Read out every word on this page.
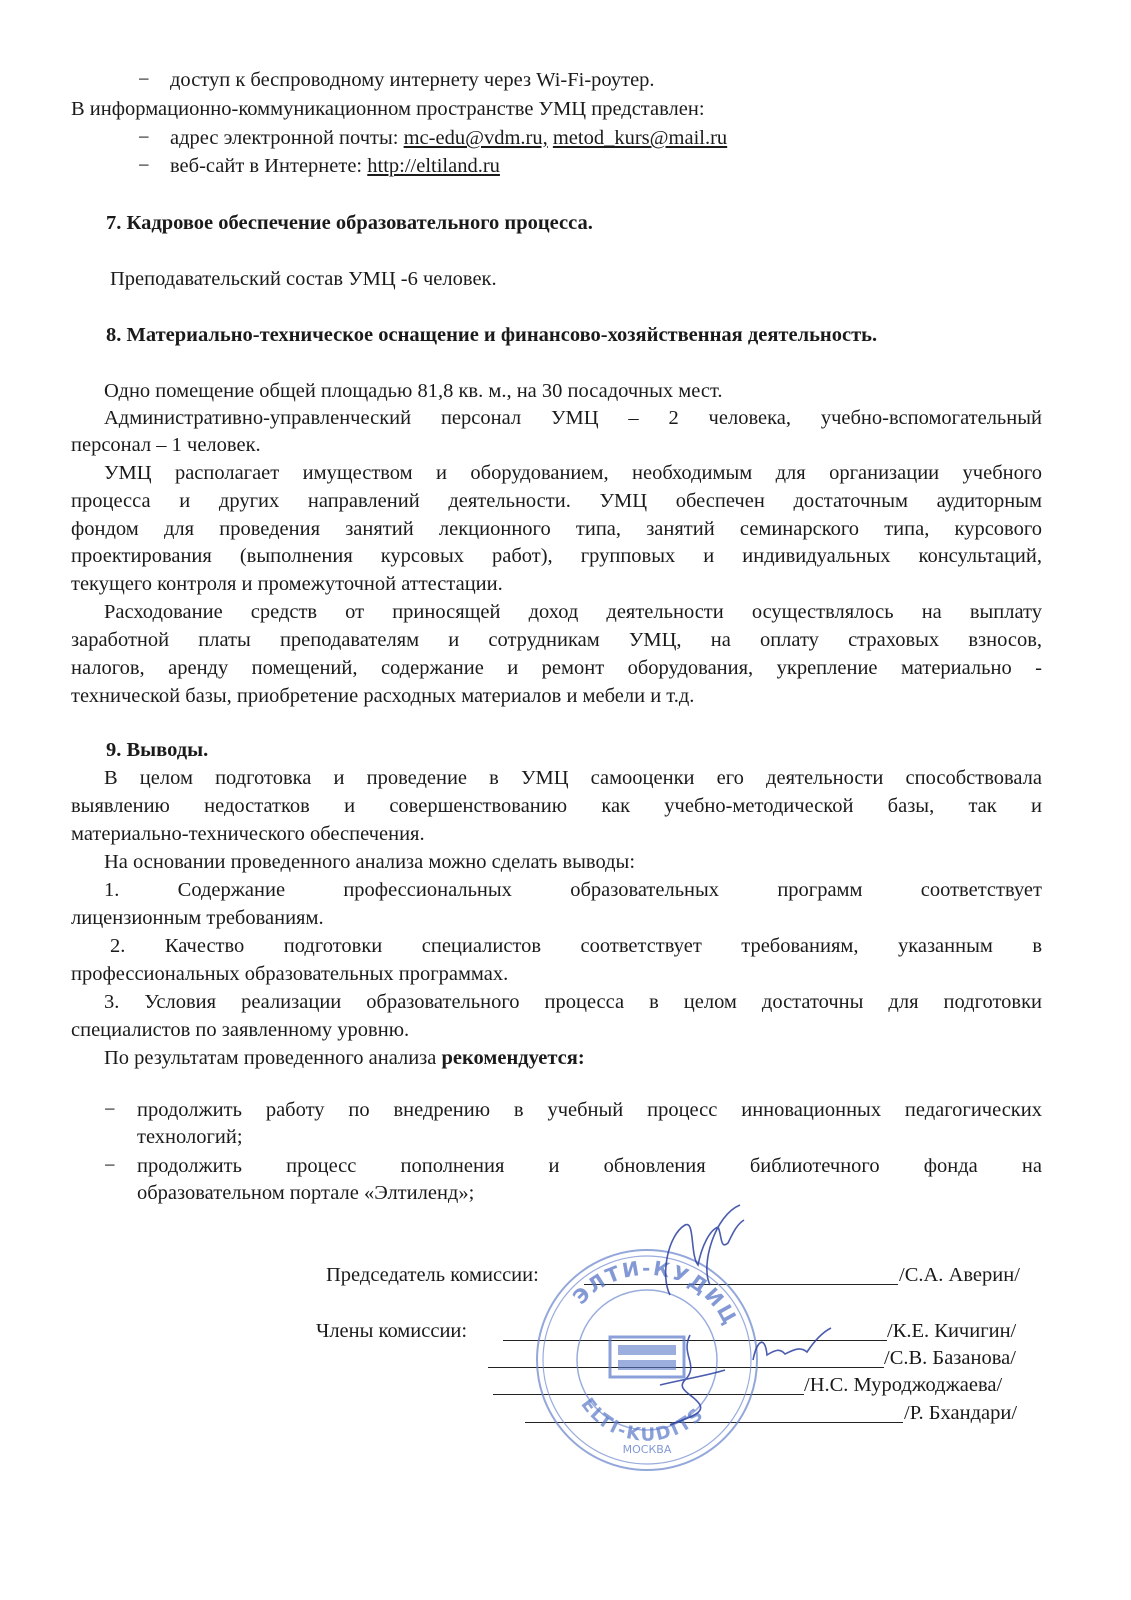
− доступ к беспроводному интернету через Wi-Fi-роутер.
В информационно-коммуникационном пространстве УМЦ представлен:
− адрес электронной почты: mc-edu@vdm.ru, metod_kurs@mail.ru
− веб-сайт в Интернете: http://eltiland.ru
7. Кадровое обеспечение образовательного процесса.
Преподавательский состав УМЦ -6 человек.
8. Материально-техническое оснащение и финансово-хозяйственная деятельность.
Одно помещение общей площадью 81,8 кв. м., на 30 посадочных мест.
Административно-управленческий персонал УМЦ – 2 человека, учебно-вспомогательный
персонал – 1 человек.
УМЦ располагает имуществом и оборудованием, необходимым для организации учебного
процесса и других направлений деятельности. УМЦ обеспечен достаточным аудиторным
фондом для проведения занятий лекционного типа, занятий семинарского типа, курсового
проектирования (выполнения курсовых работ), групповых и индивидуальных консультаций,
текущего контроля и промежуточной аттестации.
Расходование средств от приносящей доход деятельности осуществлялось на выплату
заработной платы преподавателям и сотрудникам УМЦ, на оплату страховых взносов,
налогов, аренду помещений, содержание и ремонт оборудования, укрепление материально -
технической базы, приобретение расходных материалов и мебели и т.д.
9. Выводы.
В целом подготовка и проведение в УМЦ самооценки его деятельности способствовала
выявлению недостатков и совершенствованию как учебно-методической базы, так и
материально-технического обеспечения.
На основании проведенного анализа можно сделать выводы:
1. Содержание профессиональных образовательных программ соответствует
лицензионным требованиям.
2. Качество подготовки специалистов соответствует требованиям, указанным в
профессиональных образовательных программах.
3. Условия реализации образовательного процесса в целом достаточны для подготовки
специалистов по заявленному уровню.
По результатам проведенного анализа рекомендуется:
− продолжить работу по внедрению в учебный процесс инновационных педагогических
технологий;
− продолжить процесс пополнения и обновления библиотечного фонда на
образовательном портале «Элтиленд»;
Председатель комиссии:	/С.А. Аверин/
Члены комиссии:	/К.Е. Кичигин/
/С.В. Базанова/
/Н.С. Муроджоджаева/
/Р. Бхандари/
ЭЛТИ-КУДИЦ
ELTI-KUDITS
МОСКВА
